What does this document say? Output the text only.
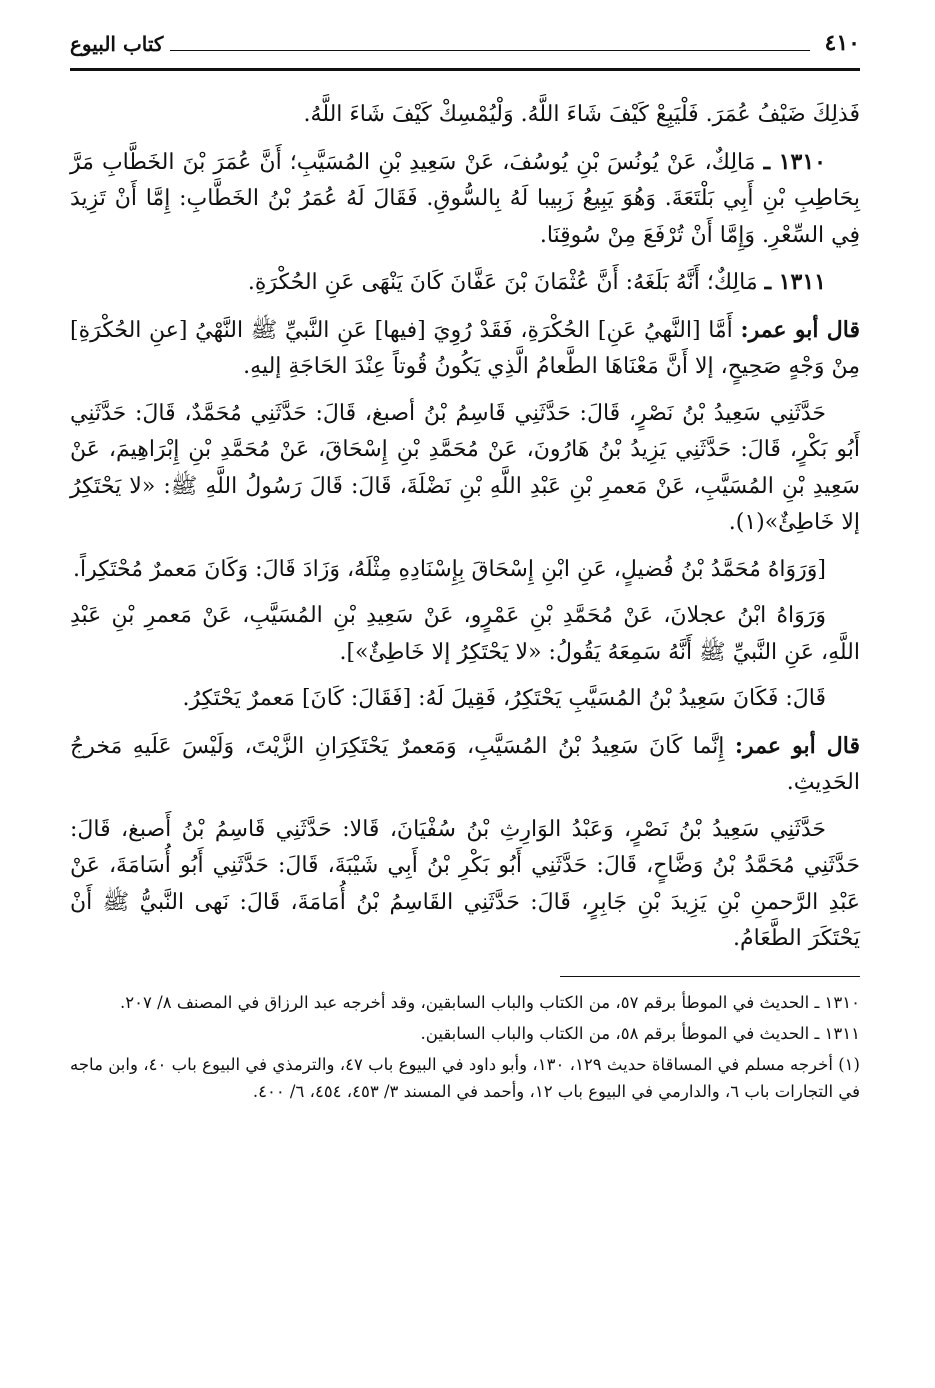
٤١٠
كتاب البيوع

فَذلِكَ ضَيْفُ عُمَرَ. فَلْيَبِعْ كَيْفَ شَاءَ اللَّهُ. وَلْيُمْسِكْ كَيْفَ شَاءَ اللَّهُ.

١٣١٠ ـ مَالِكٌ، عَنْ يُونُسَ بْنِ يُوسُفَ، عَنْ سَعِيدِ بْنِ المُسَيَّبِ؛ أَنَّ عُمَرَ بْنَ الخَطَّابِ مَرَّ بِحَاطِبِ بْنِ أَبِي بَلْتَعَةَ. وَهُوَ يَبِيعُ زَبِيبا لَهُ بِالسُّوقِ. فَقَالَ لَهُ عُمَرُ بْنُ الخَطَّابِ: إِمَّا أَنْ تَزِيدَ فِي السِّعْرِ. وَإِمَّا أَنْ تُرْفَعَ مِنْ سُوقِنَا.

١٣١١ ـ مَالِكٌ؛ أَنَّهُ بَلَغَهُ: أَنَّ عُثْمَانَ بْنَ عَفَّانَ كَانَ يَنْهَى عَنِ الحُكْرَةِ.

قال أبو عمر: أَمَّا [النَّهيُ عَنِ] الحُكْرَةِ، فَقَدْ رُوِيَ [فيها] عَنِ النَّبيِّ ﷺ النَّهْيُ [عنِ الحُكْرَةِ] مِنْ وَجْهٍ صَحِيحٍ، إلا أَنَّ مَعْنَاهَا الطَّعامُ الَّذِي يَكُونُ قُوتاً عِنْدَ الحَاجَةِ إليهِ.

حَدَّثَنِي سَعِيدُ بْنُ نَصْرٍ، قَالَ: حَدَّثَنِي قَاسِمُ بْنُ أصبغ، قَالَ: حَدَّثَنِي مُحَمَّدٌ، قَالَ: حَدَّثَنِي أَبُو بَكْرٍ، قَالَ: حَدَّثَنِي يَزِيدُ بْنُ هَارُونَ، عَنْ مُحَمَّدِ بْنِ إِسْحَاقَ، عَنْ مُحَمَّدِ بْنِ إِبْرَاهِيمَ، عَنْ سَعِيدِ بْنِ المُسَيَّبِ، عَنْ مَعمرِ بْنِ عَبْدِ اللَّهِ بْنِ نَضْلَةَ، قَالَ: قَالَ رَسُولُ اللَّهِ ﷺ: «لا يَحْتَكِرُ إلا خَاطِئٌ»(١).

[وَرَوَاهُ مُحَمَّدُ بْنُ فُضيلٍ، عَنِ ابْنِ إِسْحَاقَ بِإِسْنَادِهِ مِثْلَهُ، وَزَادَ قَالَ: وَكَانَ مَعمرٌ مُحْتَكِراً.

وَرَوَاهُ ابْنُ عجلانَ، عَنْ مُحَمَّدِ بْنِ عَمْرٍو، عَنْ سَعِيدِ بْنِ المُسَيَّبِ، عَنْ مَعمرِ بْنِ عَبْدِ اللَّهِ، عَنِ النَّبيِّ ﷺ أَنَّهُ سَمِعَهُ يَقُولُ: «لا يَحْتَكِرُ إلا خَاطِئٌ»].

قَالَ: فَكَانَ سَعِيدُ بْنُ المُسَيَّبِ يَحْتَكِرُ، فَقِيلَ لَهُ: [فَقَالَ: كَانَ] مَعمرٌ يَحْتَكِرُ.

قال أبو عمر: إِنَّما كَانَ سَعِيدُ بْنُ المُسَيَّبِ، وَمَعمرٌ يَحْتَكِرَانِ الزَّيْتَ، وَلَيْسَ عَلَيهِ مَخرجُ الحَدِيثِ.

حَدَّثَنِي سَعِيدُ بْنُ نَصْرٍ، وَعَبْدُ الوَارِثِ بْنُ سُفْيَانَ، قَالا: حَدَّثَنِي قَاسِمُ بْنُ أَصبغ، قَالَ: حَدَّثَنِي مُحَمَّدُ بْنُ وَضَّاحٍ، قَالَ: حَدَّثَنِي أَبُو بَكْرِ بْنُ أَبِي شَيْبَةَ، قَالَ: حَدَّثَنِي أَبُو أُسَامَةَ، عَنْ عَبْدِ الرَّحمنِ بْنِ يَزِيدَ بْنِ جَابِرٍ، قَالَ: حَدَّثَنِي القَاسِمُ بْنُ أُمَامَةَ، قَالَ: نَهى النَّبيُّ ﷺ أَنْ يَحْتَكَرَ الطَّعَامُ.

١٣١٠ ـ الحديث في الموطأ برقم ٥٧، من الكتاب والباب السابقين، وقد أخرجه عبد الرزاق في المصنف ٨/ ٢٠٧.

١٣١١ ـ الحديث في الموطأ برقم ٥٨، من الكتاب والباب السابقين.

(١) أخرجه مسلم في المساقاة حديث ١٢٩، ١٣٠، وأبو داود في البيوع باب ٤٧، والترمذي في البيوع باب ٤٠، وابن ماجه في التجارات باب ٦، والدارمي في البيوع باب ١٢، وأحمد في المسند ٣/ ٤٥٣، ٤٥٤، ٦/ ٤٠٠.
